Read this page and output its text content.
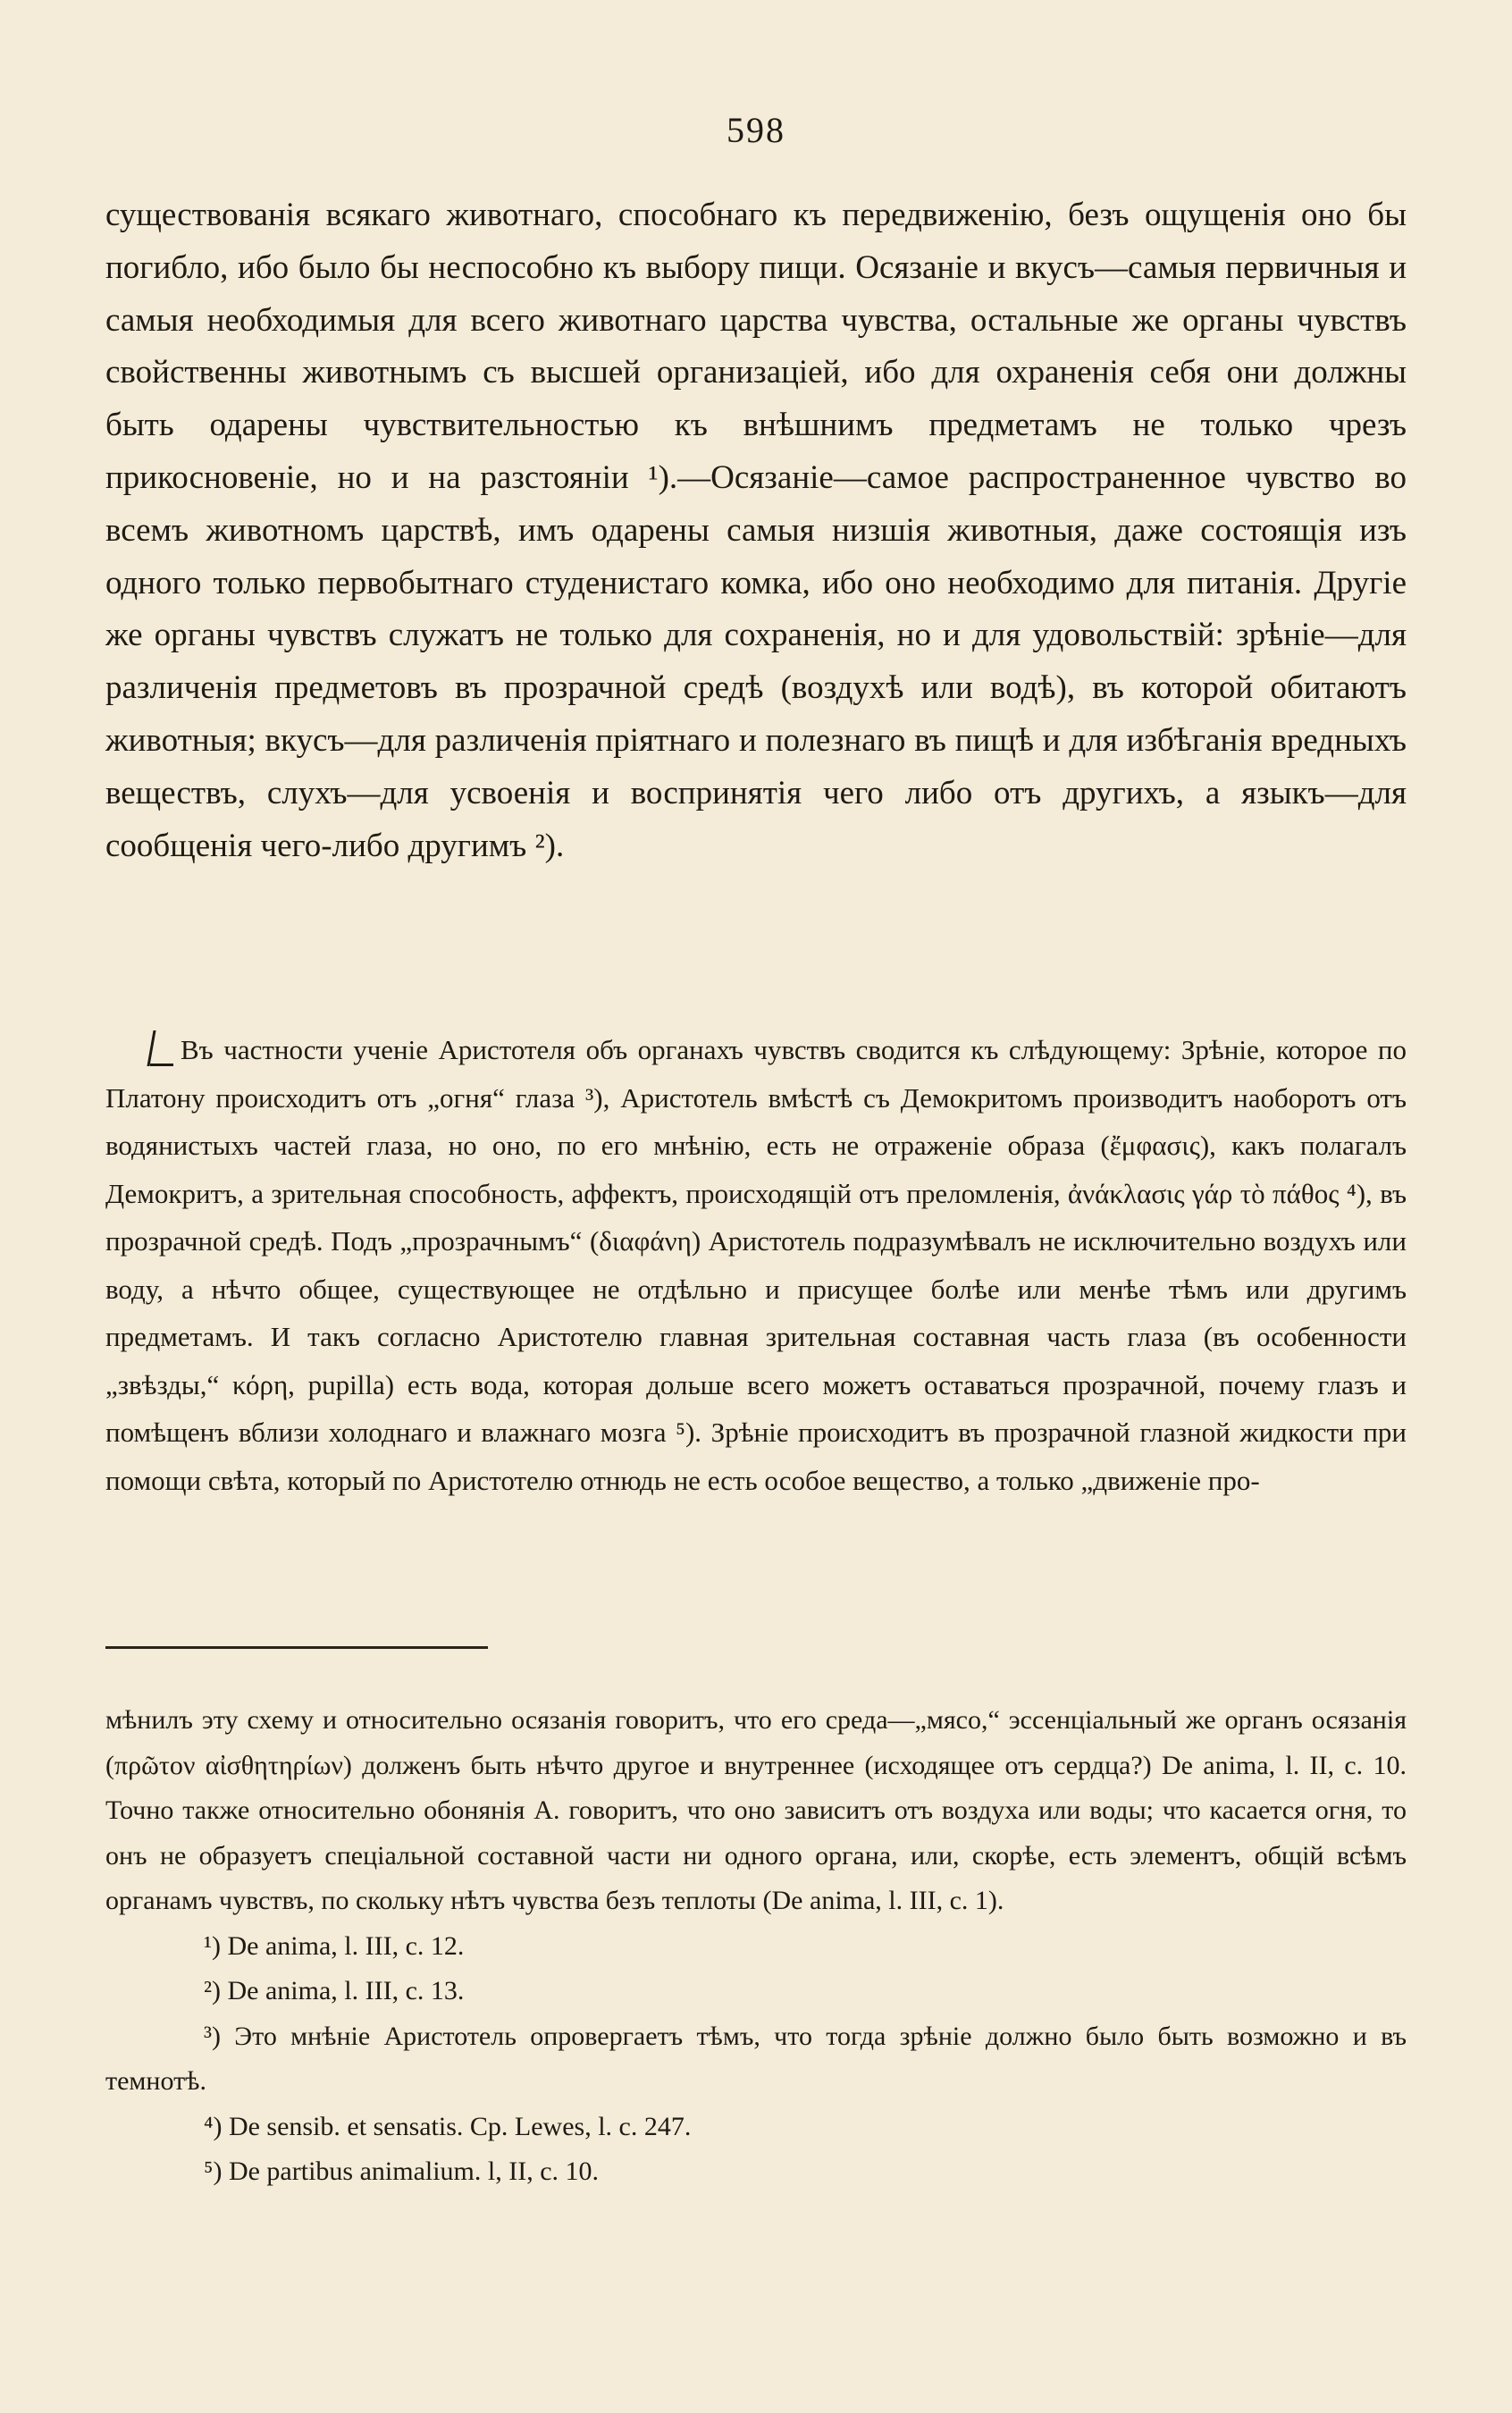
598

существованія всякаго животнаго, способнаго къ передвиженію, безъ ощущенія оно бы погибло, ибо было бы неспособно къ выбору пищи. Осязаніе и вкусъ—самыя первичныя и самыя необходимыя для всего животнаго царства чувства, остальные же органы чувствъ свойственны животнымъ съ высшей организаціей, ибо для охраненія себя они должны быть одарены чувствительностью къ внѣшнимъ предметамъ не только чрезъ прикосновеніе, но и на разстояніи ¹).—Осязаніе—самое распространенное чувство во всемъ животномъ царствѣ, имъ одарены самыя низшія животныя, даже состоящія изъ одного только первобытнаго студенистаго комка, ибо оно необходимо для питанія. Другіе же органы чувствъ служатъ не только для сохраненія, но и для удовольствій: зрѣніе—для различенія предметовъ въ прозрачной средѣ (воздухѣ или водѣ), въ которой обитаютъ животныя; вкусъ—для различенія пріятнаго и полезнаго въ пищѣ и для избѣганія вредныхъ веществъ, слухъ—для усвоенія и воспринятія чего либо отъ другихъ, а языкъ—для сообщенія чего-либо другимъ ²).

Въ частности ученіе Аристотеля объ органахъ чувствъ сводится къ слѣдующему: Зрѣніе, которое по Платону происходитъ отъ „огня“ глаза ³), Аристотель вмѣстѣ съ Демокритомъ производитъ наоборотъ отъ водянистыхъ частей глаза, но оно, по его мнѣнію, есть не отраженіе образа (ἔμφασις), какъ полагалъ Демокритъ, а зрительная способность, аффектъ, происходящій отъ преломленія, ἀνάκλασις γάρ τὸ πάθος ⁴), въ прозрачной средѣ. Подъ „прозрачнымъ“ (διαφάνη) Аристотель подразумѣвалъ не исключительно воздухъ или воду, а нѣчто общее, существующее не отдѣльно и присущее болѣе или менѣе тѣмъ или другимъ предметамъ. И такъ согласно Аристотелю главная зрительная составная часть глаза (въ особенности „звѣзды,“ κόρη, pupilla) есть вода, которая дольше всего можетъ оставаться прозрачной, почему глазъ и помѣщенъ вблизи холоднаго и влажнаго мозга ⁵). Зрѣніе происходитъ въ прозрачной глазной жидкости при помощи свѣта, который по Аристотелю отнюдь не есть особое вещество, а только „движеніе про-

мѣнилъ эту схему и относительно осязанія говоритъ, что его среда—„мясо,“ эссенціальный же органъ осязанія (πρῶτον αἰσθητηρίων) долженъ быть нѣчто другое и внутреннее (исходящее отъ сердца?) De anima, l. II, c. 10. Точно также относительно обонянія А. говоритъ, что оно зависитъ отъ воздуха или воды; что касается огня, то онъ не образуетъ спеціальной составной части ни одного органа, или, скорѣе, есть элементъ, общій всѣмъ органамъ чувствъ, по скольку нѣтъ чувства безъ теплоты (De anima, l. III, c. 1).

¹) De anima, l. III, c. 12.

²) De anima, l. III, c. 13.

³) Это мнѣніе Аристотель опровергаетъ тѣмъ, что тогда зрѣніе должно было быть возможно и въ темнотѣ.

⁴) De sensib. et sensatis. Cp. Lewes, l. c. 247.

⁵) De partibus animalium. l, II, c. 10.
